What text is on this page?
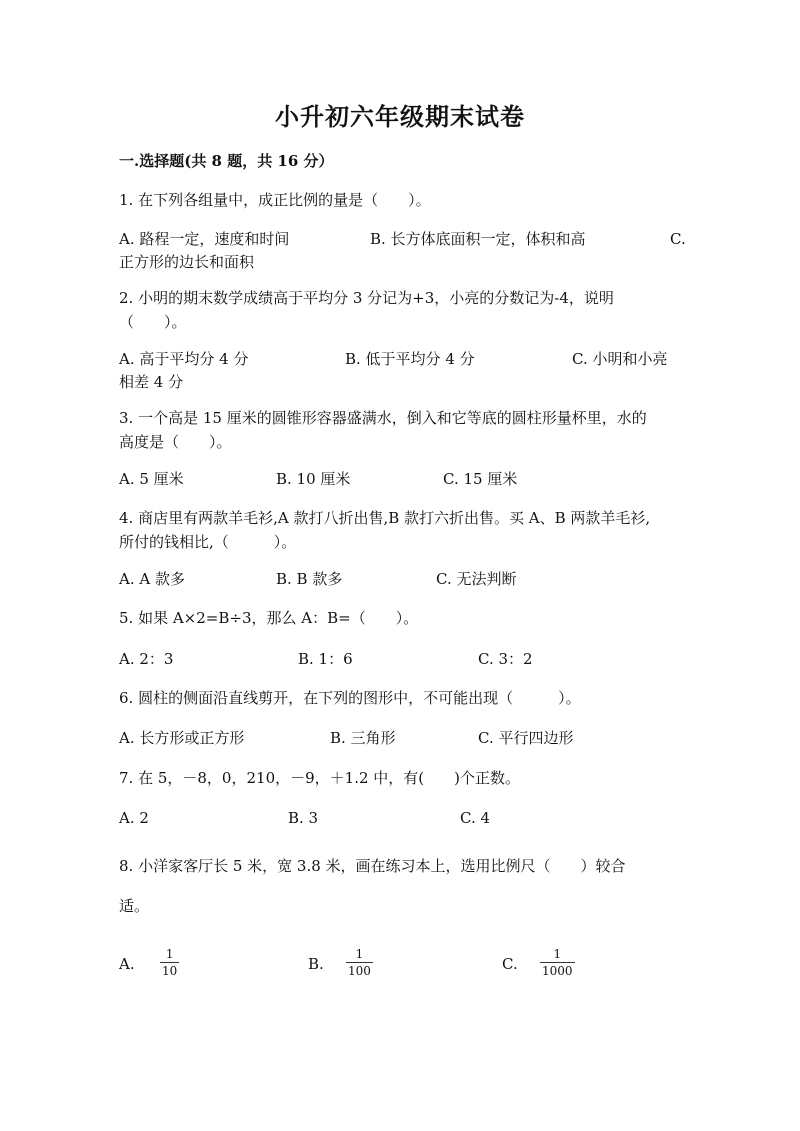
小升初六年级期末试卷
一.选择题(共 8 题，共 16 分）
1. 在下列各组量中，成正比例的量是（　　）。
A. 路程一定，速度和时间	B. 长方体底面积一定，体积和高	C.
正方形的边长和面积
2. 小明的期末数学成绩高于平均分 3 分记为+3，小亮的分数记为-4，说明
（　　）。
A. 高于平均分 4 分	B. 低于平均分 4 分	C. 小明和小亮
相差 4 分
3. 一个高是 15 厘米的圆锥形容器盛满水，倒入和它等底的圆柱形量杯里，水的
高度是（　　）。
A. 5 厘米	B. 10 厘米	C. 15 厘米
4. 商店里有两款羊毛衫,A 款打八折出售,B 款打六折出售。买 A、B 两款羊毛衫,
所付的钱相比,（　　　）。
A. A 款多	B. B 款多	C. 无法判断
5. 如果 A×2=B÷3，那么 A：B=（　　）。
A. 2：3	B. 1：6	C. 3：2
6. 圆柱的侧面沿直线剪开，在下列的图形中，不可能出现（　　　）。
A. 长方形或正方形	B. 三角形	C. 平行四边形
7. 在 5，－8，0，210，－9，＋1.2 中，有(　　)个正数。
A. 2	B. 3	C. 4
8. 小洋家客厅长 5 米，宽 3.8 米，画在练习本上，选用比例尺（　　）较合
适。
A.
1
10	B.
1
100	C.
1
1000
